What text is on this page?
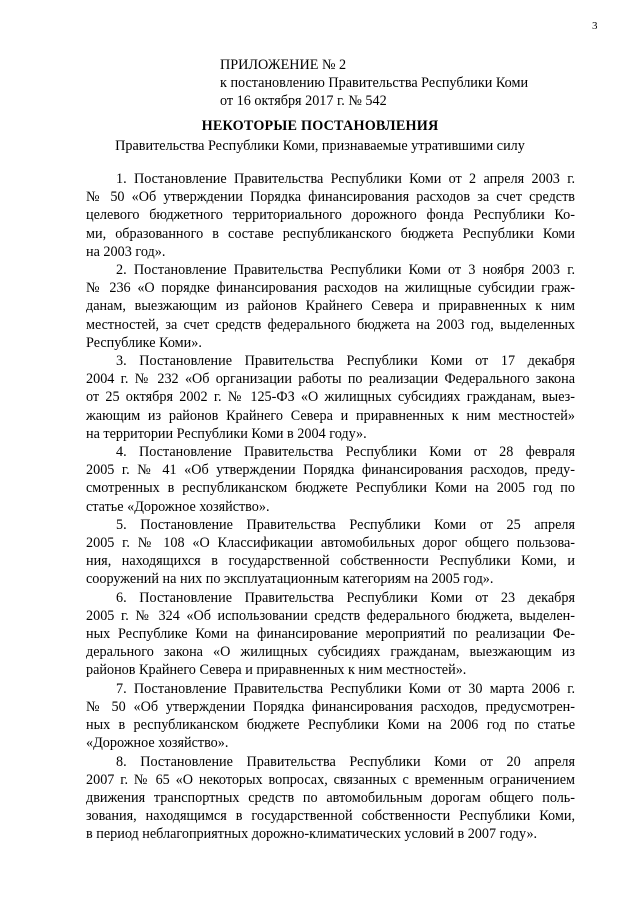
3
ПРИЛОЖЕНИЕ № 2
к постановлению Правительства Республики Коми
от 16 октября 2017 г. № 542
НЕКОТОРЫЕ ПОСТАНОВЛЕНИЯ
Правительства Республики Коми, признаваемые утратившими силу
1. Постановление Правительства Республики Коми от 2 апреля 2003 г.
№ 50 «Об утверждении Порядка финансирования расходов за счет средств
целевого бюджетного территориального дорожного фонда Республики Ко-
ми, образованного в составе республиканского бюджета Республики Коми
на 2003 год».
2. Постановление Правительства Республики Коми от 3 ноября 2003 г.
№ 236 «О порядке финансирования расходов на жилищные субсидии граж-
данам, выезжающим из районов Крайнего Севера и приравненных к ним
местностей, за счет средств федерального бюджета на 2003 год, выделенных
Республике Коми».
3. Постановление Правительства Республики Коми от 17 декабря
2004 г. № 232 «Об организации работы по реализации Федерального закона
от 25 октября 2002 г. № 125-ФЗ «О жилищных субсидиях гражданам, выез-
жающим из районов Крайнего Севера и приравненных к ним местностей»
на территории Республики Коми в 2004 году».
4. Постановление Правительства Республики Коми от 28 февраля
2005 г. № 41 «Об утверждении Порядка финансирования расходов, преду-
смотренных в республиканском бюджете Республики Коми на 2005 год по
статье «Дорожное хозяйство».
5. Постановление Правительства Республики Коми от 25 апреля
2005 г. № 108 «О Классификации автомобильных дорог общего пользова-
ния, находящихся в государственной собственности Республики Коми, и
сооружений на них по эксплуатационным категориям на 2005 год».
6. Постановление Правительства Республики Коми от 23 декабря
2005 г. № 324 «Об использовании средств федерального бюджета, выделен-
ных Республике Коми на финансирование мероприятий по реализации Фе-
дерального закона «О жилищных субсидиях гражданам, выезжающим из
районов Крайнего Севера и приравненных к ним местностей».
7. Постановление Правительства Республики Коми от 30 марта 2006 г.
№ 50 «Об утверждении Порядка финансирования расходов, предусмотрен-
ных в республиканском бюджете Республики Коми на 2006 год по статье
«Дорожное хозяйство».
8. Постановление Правительства Республики Коми от 20 апреля
2007 г. № 65 «О некоторых вопросах, связанных с временным ограничением
движения транспортных средств по автомобильным дорогам общего поль-
зования, находящимся в государственной собственности Республики Коми,
в период неблагоприятных дорожно-климатических условий в 2007 году».
